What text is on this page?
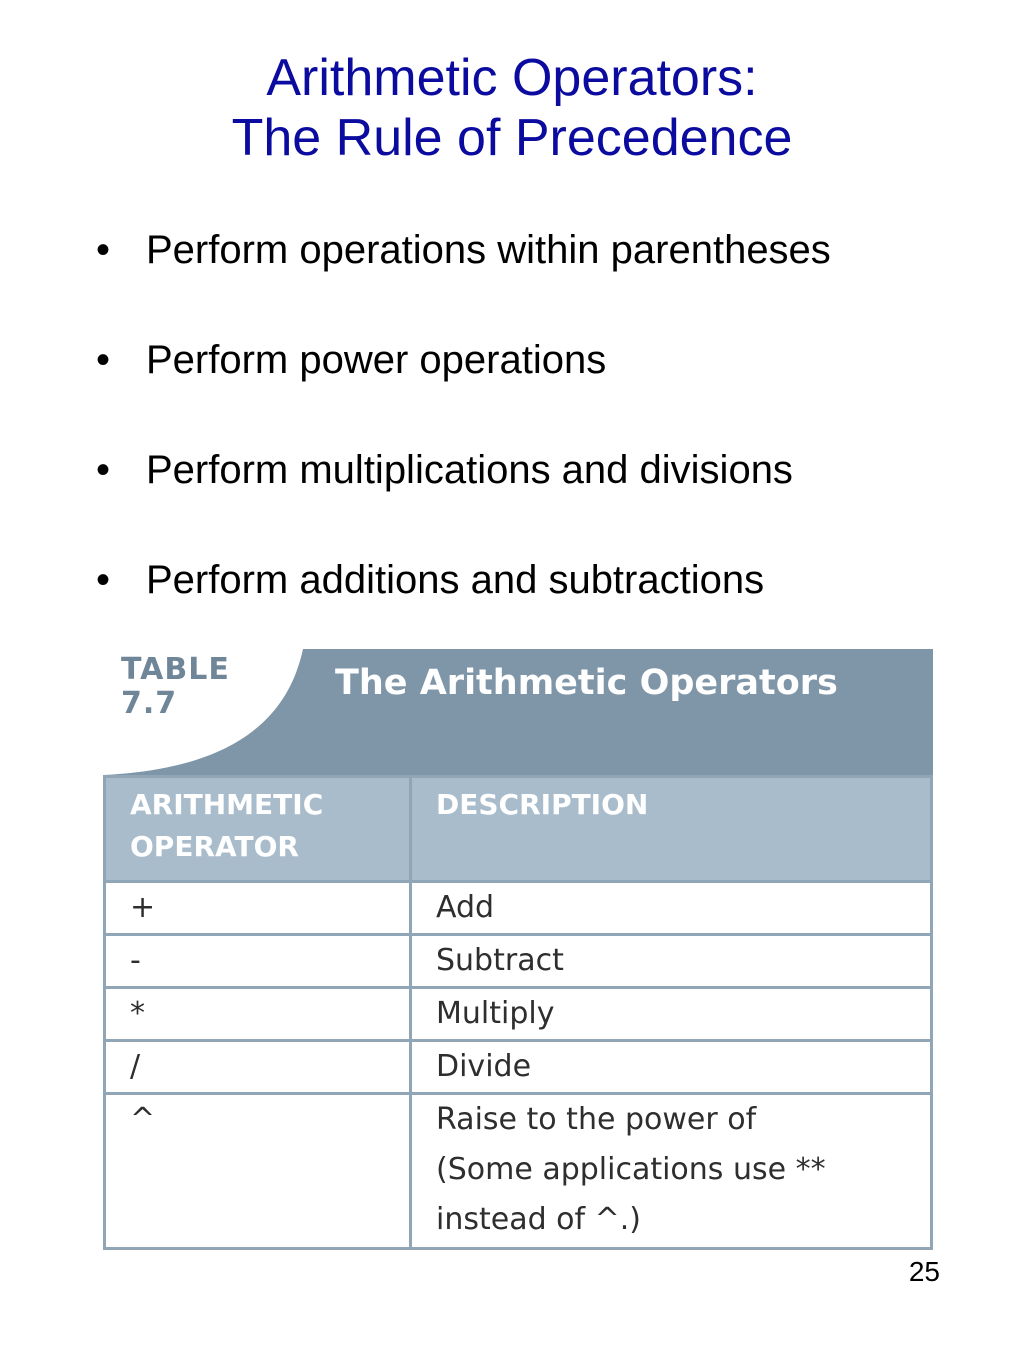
Arithmetic Operators:
The Rule of Precedence
• Perform operations within parentheses
• Perform power operations
• Perform multiplications and divisions
• Perform additions and subtractions
TABLE
7.7
The Arithmetic Operators
ARITHMETIC
OPERATOR	DESCRIPTION
+	Add
-	Subtract
*	Multiply
/	Divide
^	Raise to the power of
(Some applications use **
instead of ^.)
25
